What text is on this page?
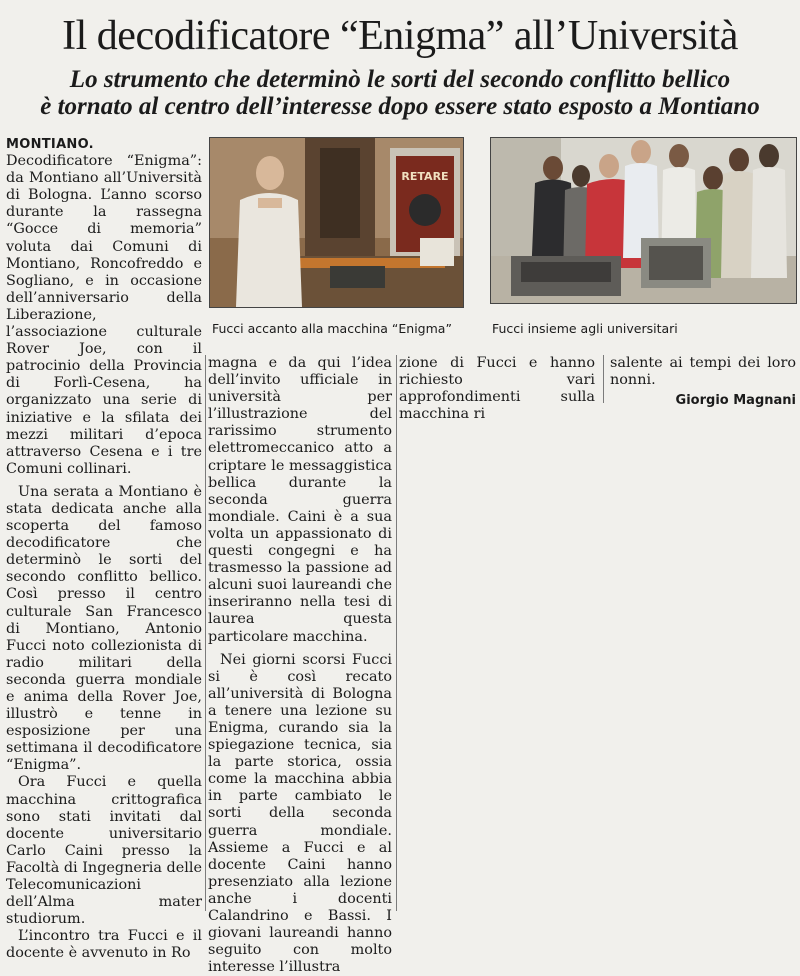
Il decodificatore “Enigma” all’Università
Lo strumento che determinò le sorti del secondo conflitto bellico
è tornato al centro dell’interesse dopo essere stato esposto a Montiano

MONTIANO. Decodificatore “Enigma”: da Montiano all’Università di Bologna. L’anno scorso durante la rassegna “Gocce di memoria” voluta dai Comuni di Montiano, Roncofreddo e Sogliano, e in occasione dell’anniversario della Liberazione, l’associazione culturale Rover Joe, con il patrocinio della Provincia di Forlì-Cesena, ha organizzato una serie di iniziative e la sfilata dei mezzi militari d’epoca attraverso Cesena e i tre Comuni collinari.

Una serata a Montiano è stata dedicata anche alla scoperta del famoso decodificatore che determinò le sorti del secondo conflitto bellico. Così presso il centro culturale San Francesco di Montiano, Antonio Fucci noto collezionista di radio militari della seconda guerra mondiale e anima della Rover Joe, illustrò e tenne in esposizione per una settimana il decodificatore “Enigma”.

Ora Fucci e quella macchina crittografica sono stati invitati dal docente universitario Carlo Caini presso la Facoltà di Ingegneria delle Telecomunicazioni dell’Alma mater studiorum.

L’incontro tra Fucci e il docente è avvenuto in Ro

RETARE
Fucci accanto alla macchina “Enigma”	Fucci insieme agli universitari

magna e da qui l’idea dell’invito ufficiale in università per l’illustrazione del rarissimo strumento elettromeccanico atto a criptare le messaggistica bellica durante la seconda guerra mondiale. Caini è a sua volta un appassionato di questi congegni e ha trasmesso la passione ad alcuni suoi laureandi che inseriranno nella tesi di laurea questa particolare macchina.

Nei giorni scorsi Fucci si è così recato all’università di Bologna a tenere una lezione su Enigma, curando sia la spiegazione tecnica, sia la parte storica, ossia come la macchina abbia in parte cambiato le sorti della seconda guerra mondiale. Assieme a Fucci e al docente Caini hanno presenziato alla lezione anche i docenti Calandrino e Bassi. I giovani laureandi hanno seguito con molto interesse l’illustra

zione di Fucci e hanno richiesto vari approfondimenti sulla macchina ri

salente ai tempi dei loro nonni.

Giorgio Magnani
